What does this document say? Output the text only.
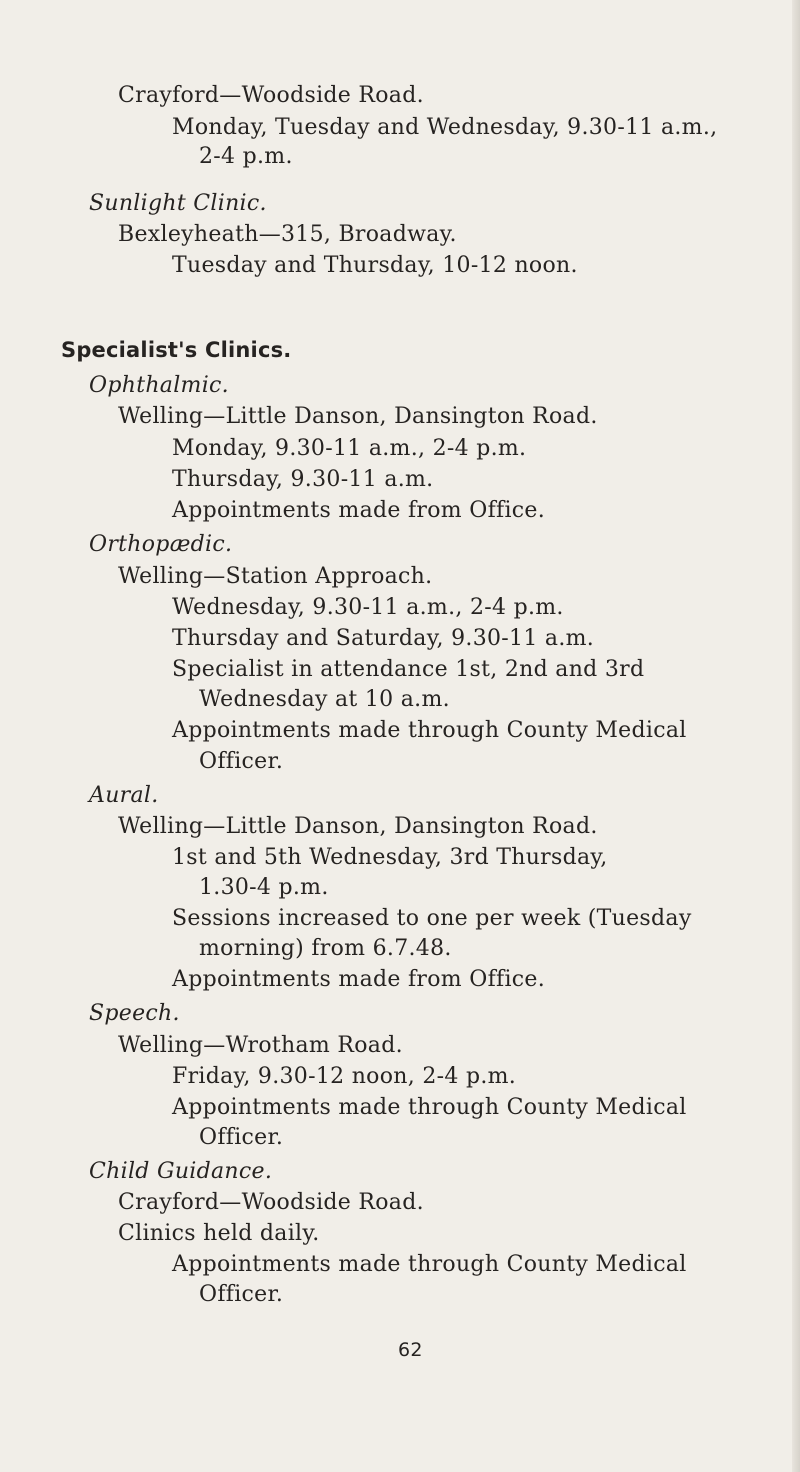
Crayford—Woodside Road.
Monday, Tuesday and Wednesday, 9.30-11 a.m.,
2-4 p.m.
Sunlight Clinic.
Bexleyheath—315, Broadway.
Tuesday and Thursday, 10-12 noon.
Specialist's Clinics.
Ophthalmic.
Welling—Little Danson, Dansington Road.
Monday, 9.30-11 a.m., 2-4 p.m.
Thursday, 9.30-11 a.m.
Appointments made from Office.
Orthopædic.
Welling—Station Approach.
Wednesday, 9.30-11 a.m., 2-4 p.m.
Thursday and Saturday, 9.30-11 a.m.
Specialist in attendance 1st, 2nd and 3rd
Wednesday at 10 a.m.
Appointments made through County Medical
Officer.
Aural.
Welling—Little Danson, Dansington Road.
1st and 5th Wednesday, 3rd Thursday,
1.30-4 p.m.
Sessions increased to one per week (Tuesday
morning) from 6.7.48.
Appointments made from Office.
Speech.
Welling—Wrotham Road.
Friday, 9.30-12 noon, 2-4 p.m.
Appointments made through County Medical
Officer.
Child Guidance.
Crayford—Woodside Road.
Clinics held daily.
Appointments made through County Medical
Officer.
62
